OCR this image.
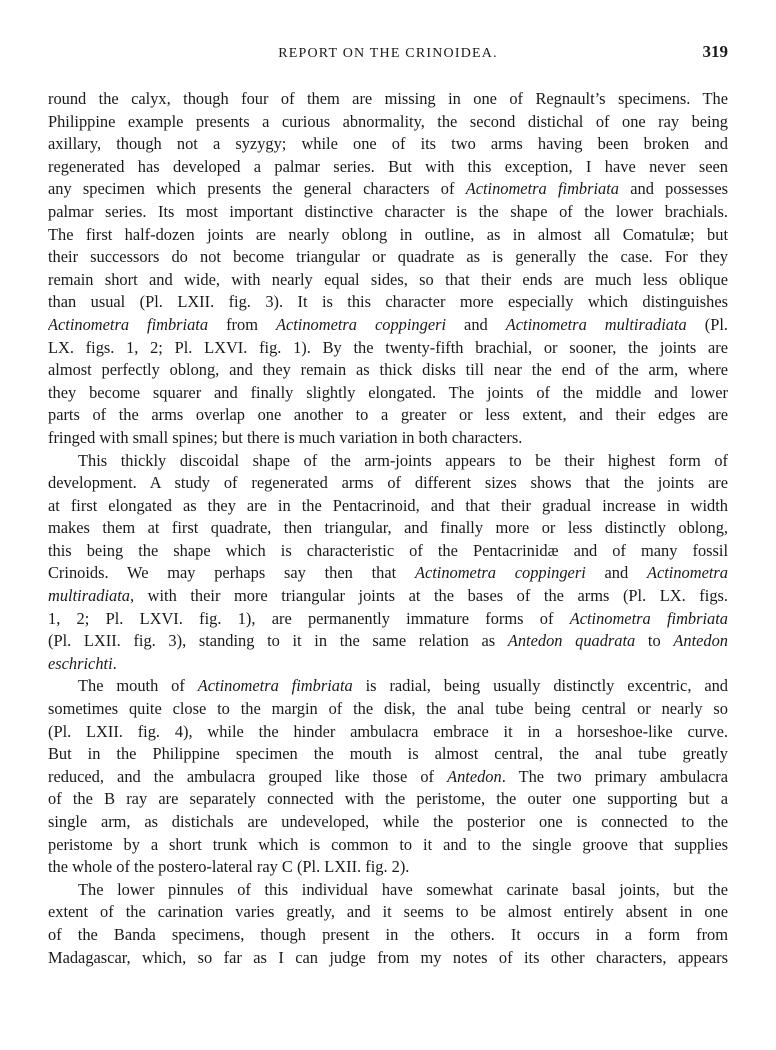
REPORT ON THE CRINOIDEA.	319
round the calyx, though four of them are missing in one of Regnault’s specimens. The
Philippine example presents a curious abnormality, the second distichal of one ray being
axillary, though not a syzygy; while one of its two arms having been broken and
regenerated has developed a palmar series. But with this exception, I have never seen
any specimen which presents the general characters of Actinometra fimbriata and possesses
palmar series. Its most important distinctive character is the shape of the lower brachials.
The first half-dozen joints are nearly oblong in outline, as in almost all Comatulæ; but
their successors do not become triangular or quadrate as is generally the case. For they
remain short and wide, with nearly equal sides, so that their ends are much less oblique
than usual (Pl. LXII. fig. 3). It is this character more especially which distinguishes
Actinometra fimbriata from Actinometra coppingeri and Actinometra multiradiata (Pl.
LX. figs. 1, 2; Pl. LXVI. fig. 1). By the twenty-fifth brachial, or sooner, the joints are
almost perfectly oblong, and they remain as thick disks till near the end of the arm, where
they become squarer and finally slightly elongated. The joints of the middle and lower
parts of the arms overlap one another to a greater or less extent, and their edges are
fringed with small spines; but there is much variation in both characters.
This thickly discoidal shape of the arm-joints appears to be their highest form of
development. A study of regenerated arms of different sizes shows that the joints are
at first elongated as they are in the Pentacrinoid, and that their gradual increase in width
makes them at first quadrate, then triangular, and finally more or less distinctly oblong,
this being the shape which is characteristic of the Pentacrinidæ and of many fossil
Crinoids. We may perhaps say then that Actinometra coppingeri and Actinometra
multiradiata, with their more triangular joints at the bases of the arms (Pl. LX. figs.
1, 2; Pl. LXVI. fig. 1), are permanently immature forms of Actinometra fimbriata
(Pl. LXII. fig. 3), standing to it in the same relation as Antedon quadrata to Antedon
eschrichti.
The mouth of Actinometra fimbriata is radial, being usually distinctly excentric, and
sometimes quite close to the margin of the disk, the anal tube being central or nearly so
(Pl. LXII. fig. 4), while the hinder ambulacra embrace it in a horseshoe-like curve.
But in the Philippine specimen the mouth is almost central, the anal tube greatly
reduced, and the ambulacra grouped like those of Antedon. The two primary ambulacra
of the B ray are separately connected with the peristome, the outer one supporting but a
single arm, as distichals are undeveloped, while the posterior one is connected to the
peristome by a short trunk which is common to it and to the single groove that supplies
the whole of the postero-lateral ray C (Pl. LXII. fig. 2).
The lower pinnules of this individual have somewhat carinate basal joints, but the
extent of the carination varies greatly, and it seems to be almost entirely absent in one
of the Banda specimens, though present in the others. It occurs in a form from
Madagascar, which, so far as I can judge from my notes of its other characters, appears
